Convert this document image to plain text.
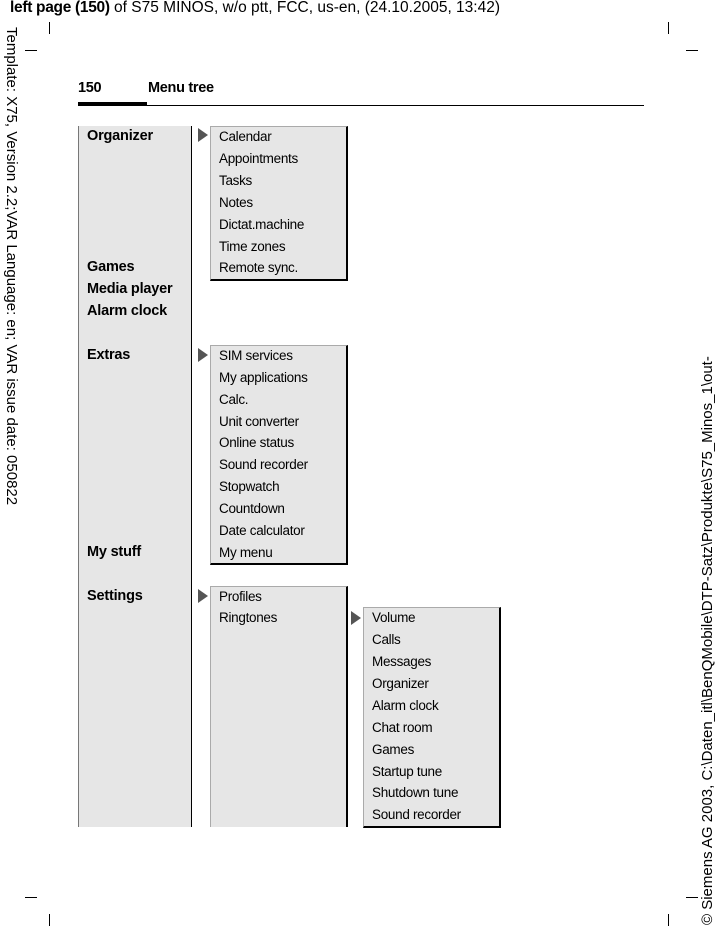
left page (150) of S75 MINOS, w/o ptt, FCC, us-en, (24.10.2005, 13:42)
Template: X75, Version 2.2;VAR Language: en; VAR issue date: 050822
© Siemens AG 2003, C:\Daten_itl\BenQMobile\DTP-Satz\Produkte\S75_Minos_1\out-
150	Menu tree
Organizer
Games
Media player
Alarm clock
Extras
My stuff
Settings
Calendar
Appointments
Tasks
Notes
Dictat.machine
Time zones
Remote sync.
SIM services
My applications
Calc.
Unit converter
Online status
Sound recorder
Stopwatch
Countdown
Date calculator
My menu
Profiles
Ringtones	Volume
Calls
Messages
Organizer
Alarm clock
Chat room
Games
Startup tune
Shutdown tune
Sound recorder
